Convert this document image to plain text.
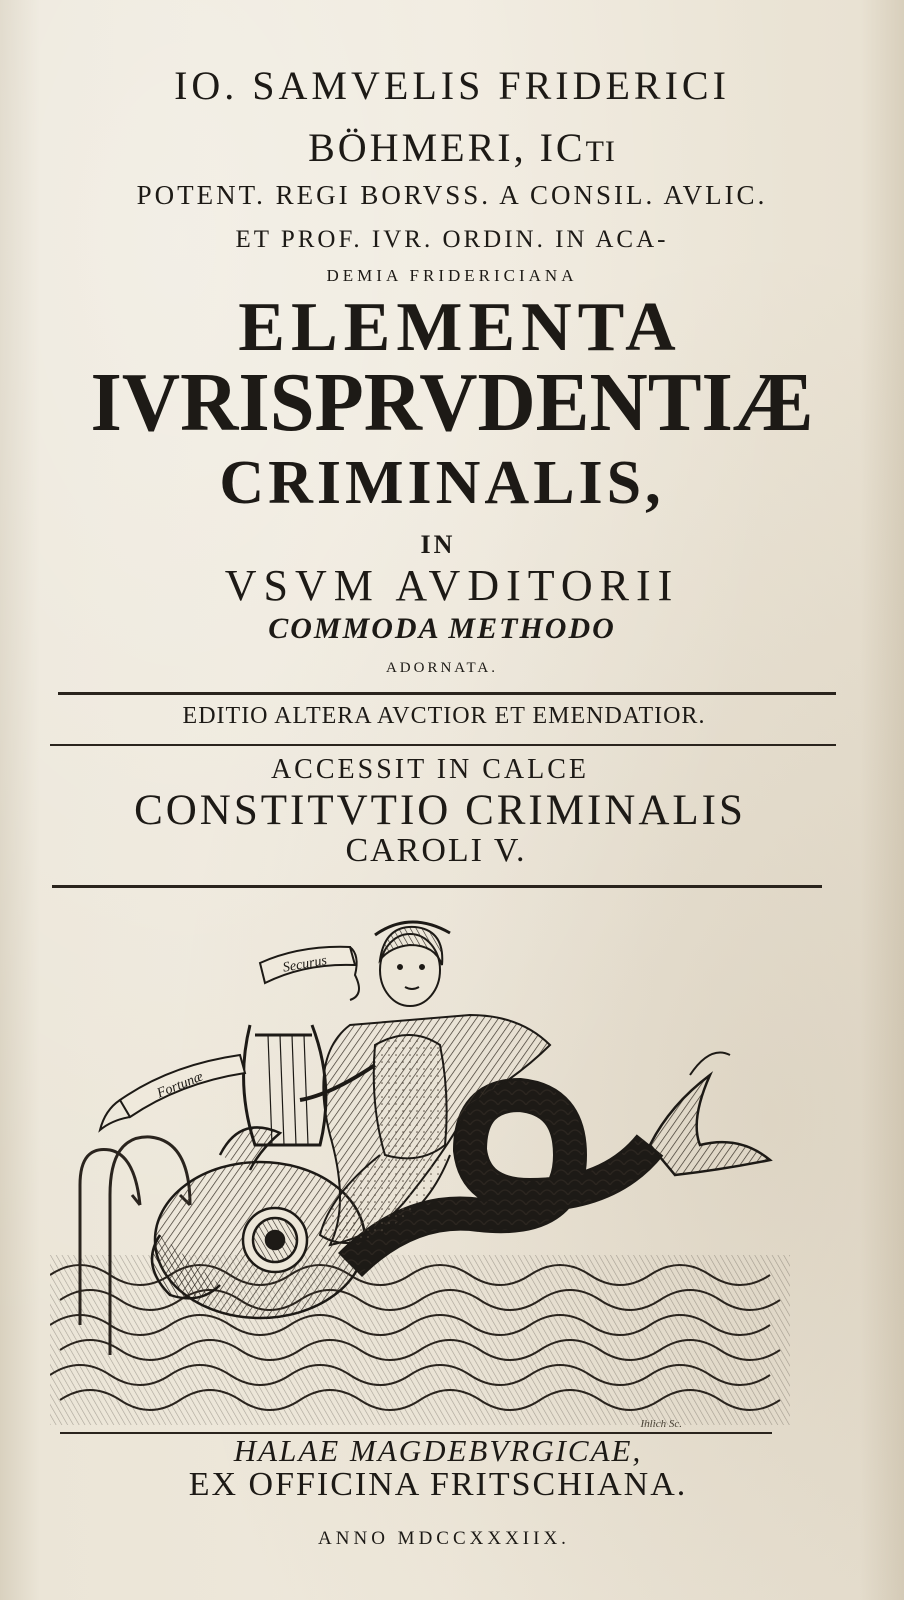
IO. SAMVELIS FRIDERICI
BÖHMERI, ICTI
POTENT. REGI BORVSS. A CONSIL. AVLIC.
ET PROF. IVR. ORDIN. IN ACA-
DEMIA FRIDERICIANA
ELEMENTA
IVRISPRVDENTIÆ
CRIMINALIS,
IN
VSVM AVDITORII
COMMODA METHODO
ADORNATA.
EDITIO ALTERA AVCTIOR ET EMENDATIOR.
ACCESSIT IN CALCE
CONSTITVTIO CRIMINALIS
CAROLI V.
Securus
Fortunæ
Ihlich Sc.
HALAE MAGDEBVRGICAE,
EX OFFICINA FRITSCHIANA.
ANNO MDCCXXXIIX.
